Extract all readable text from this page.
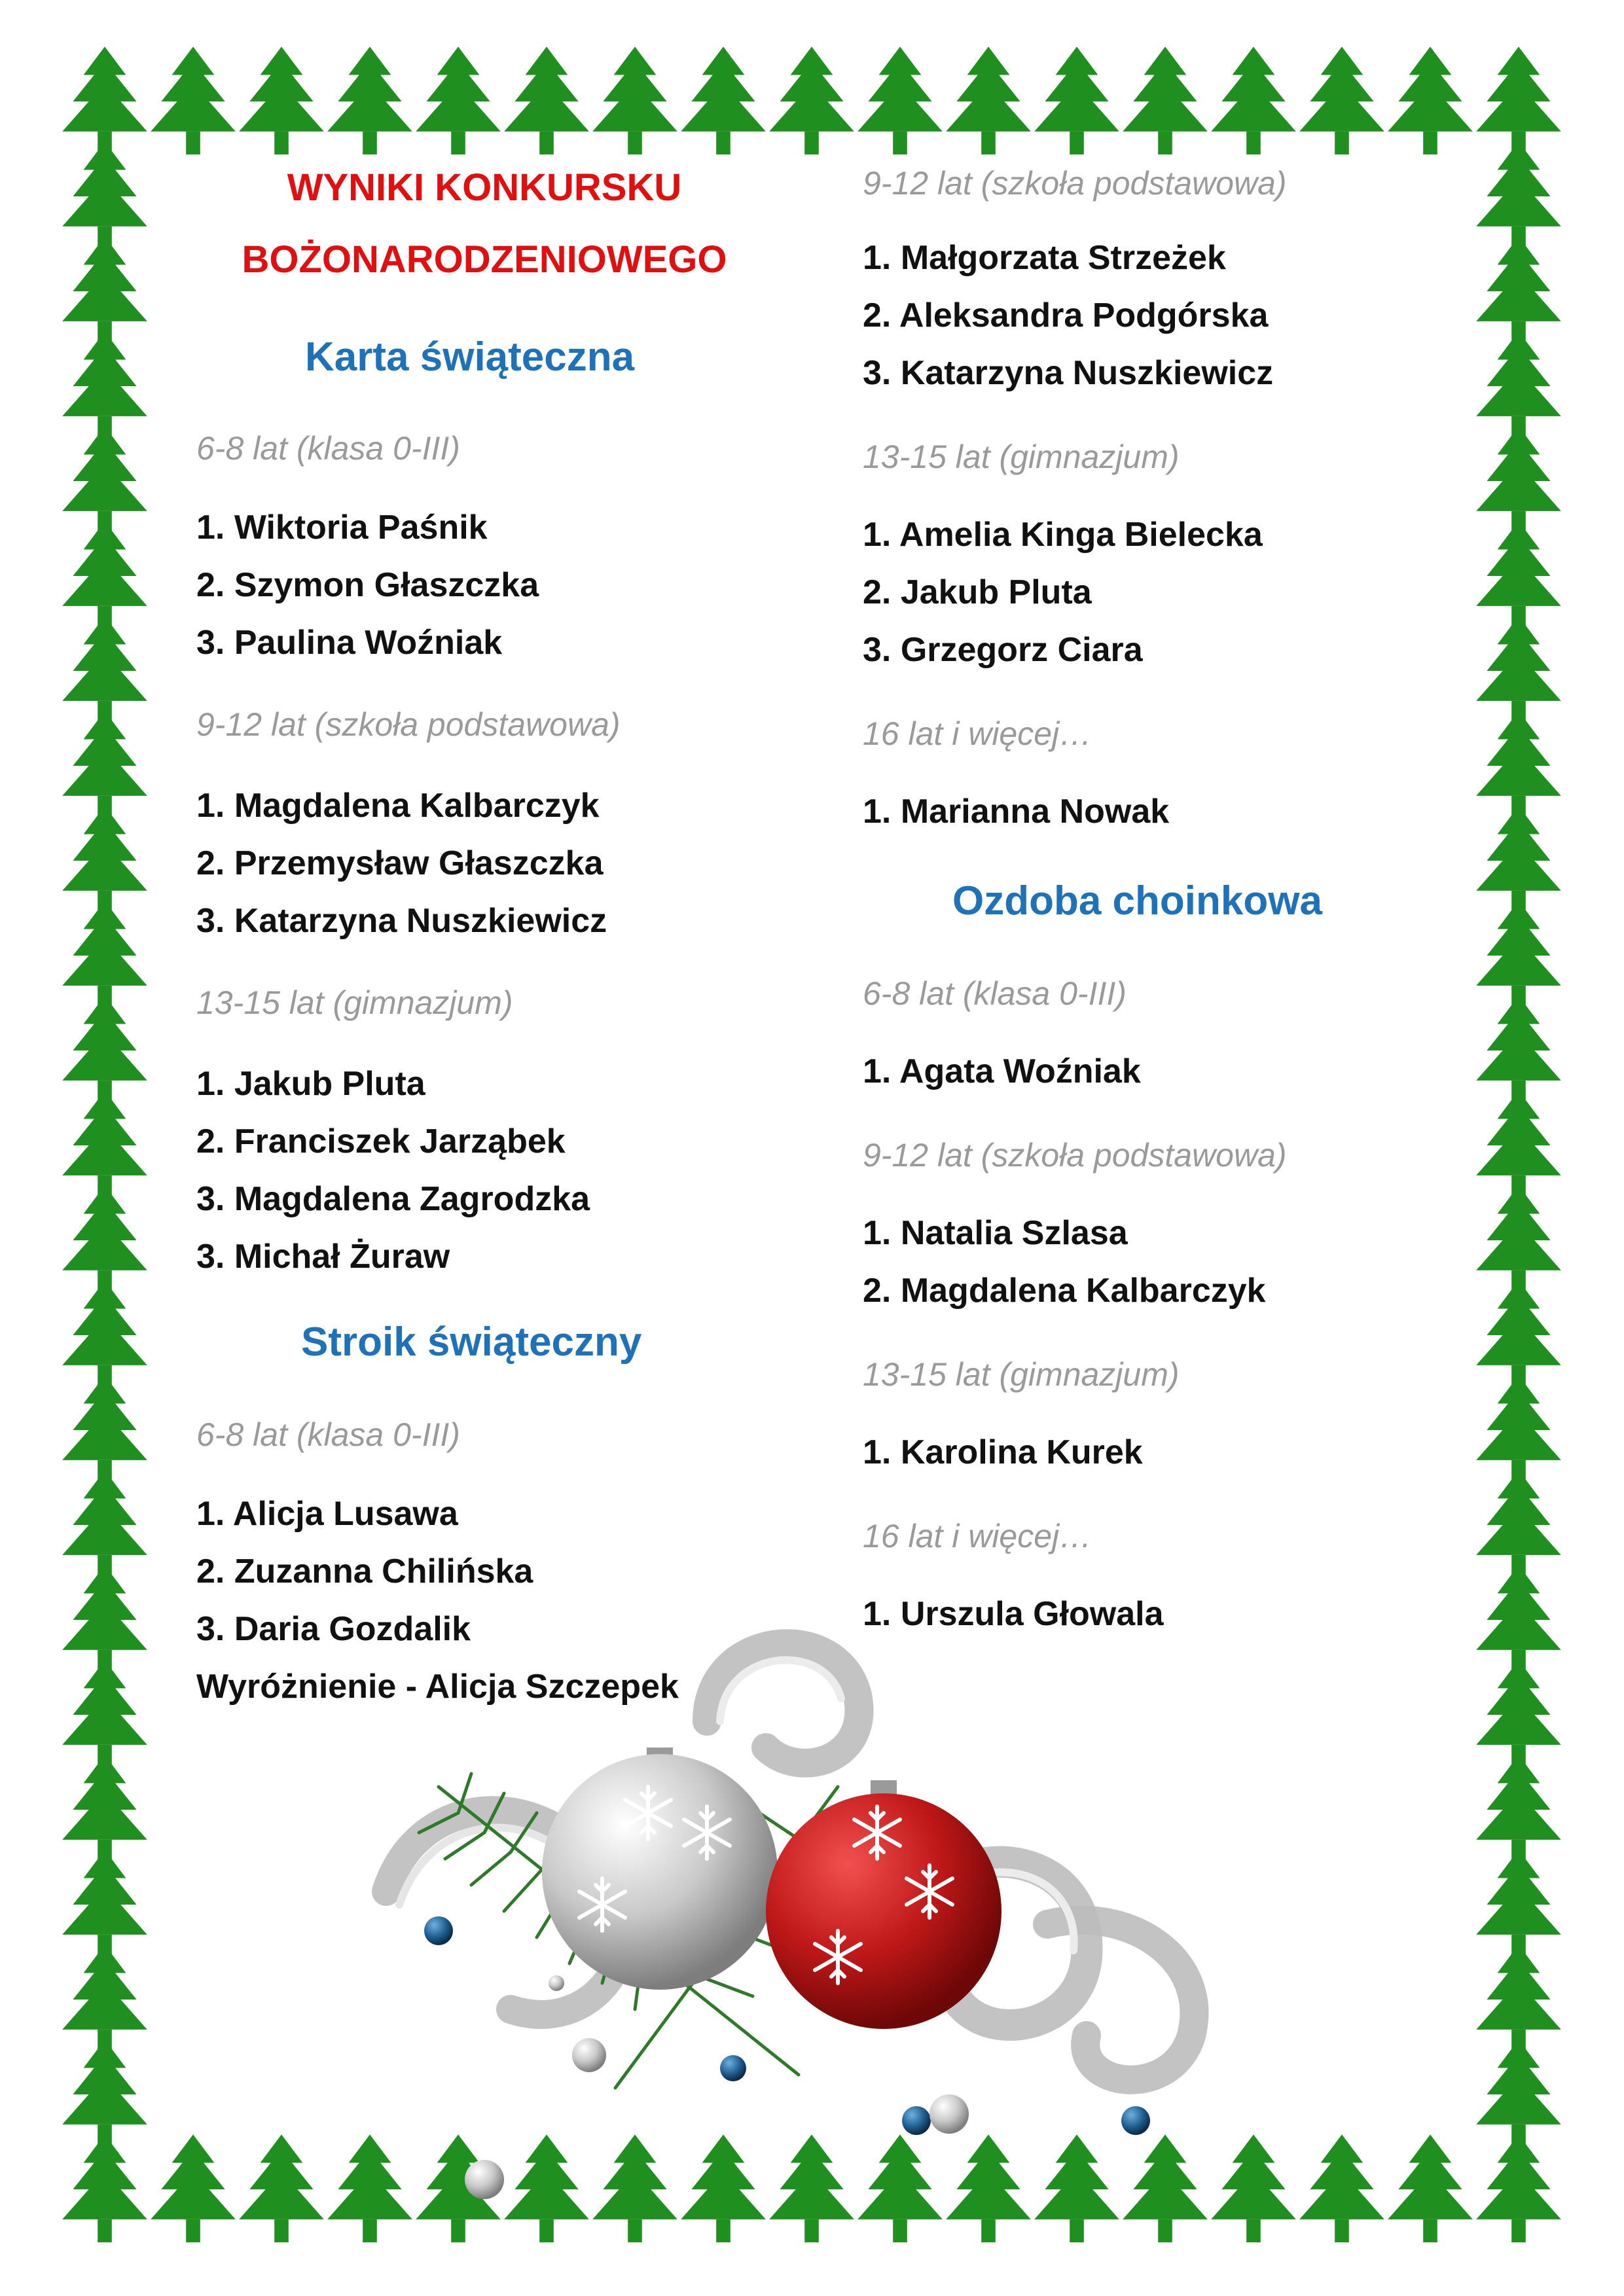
WYNIKI KONKURSKU
BOŻONARODZENIOWEGO
Karta świąteczna
6-8 lat (klasa 0-III)
1. Wiktoria Paśnik
2. Szymon Głaszczka
3. Paulina Woźniak
9-12 lat (szkoła podstawowa)
1. Magdalena Kalbarczyk
2. Przemysław Głaszczka
3. Katarzyna Nuszkiewicz
13-15 lat (gimnazjum)
1. Jakub Pluta
2. Franciszek Jarząbek
3. Magdalena Zagrodzka
3. Michał Żuraw
Stroik świąteczny
6-8 lat (klasa 0-III)
1. Alicja Lusawa
2. Zuzanna Chilińska
3. Daria Gozdalik
Wyróżnienie - Alicja Szczepek
9-12 lat (szkoła podstawowa)
1. Małgorzata Strzeżek
2. Aleksandra Podgórska
3. Katarzyna Nuszkiewicz
13-15 lat (gimnazjum)
1. Amelia Kinga Bielecka
2. Jakub Pluta
3. Grzegorz Ciara
16 lat i więcej…
1. Marianna Nowak
Ozdoba choinkowa
6-8 lat (klasa 0-III)
1. Agata Woźniak
9-12 lat (szkoła podstawowa)
1. Natalia Szlasa
2. Magdalena Kalbarczyk
13-15 lat (gimnazjum)
1. Karolina Kurek
16 lat i więcej…
1. Urszula Głowala
